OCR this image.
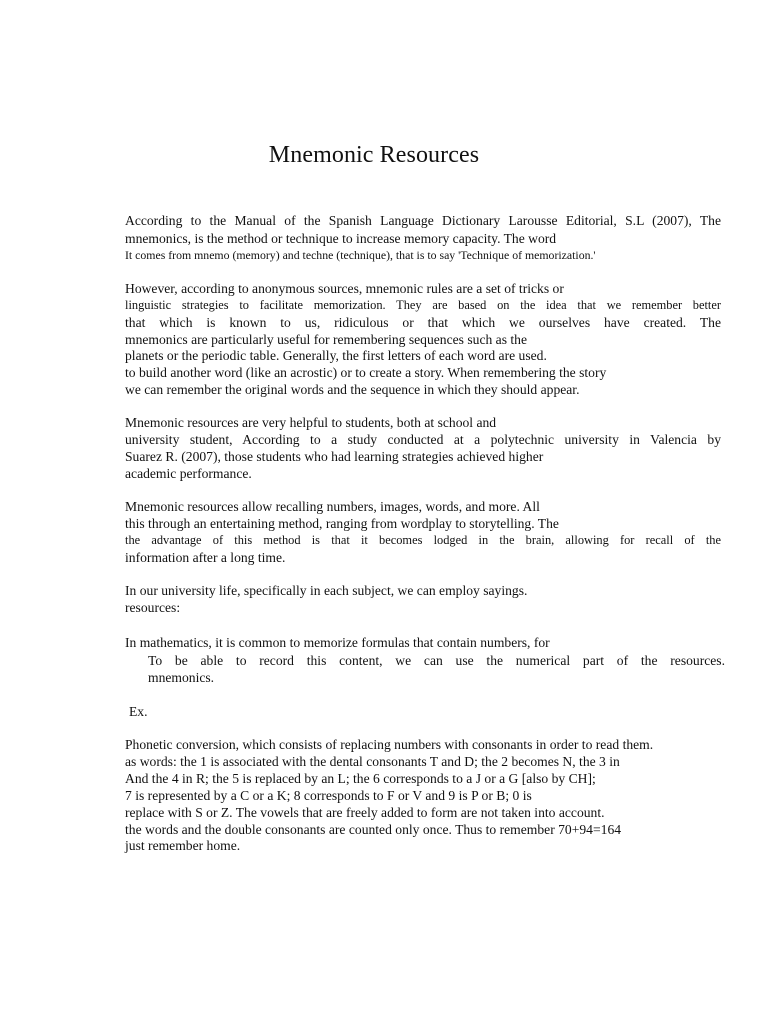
Mnemonic Resources
According to the Manual of the Spanish Language Dictionary Larousse Editorial, S.L (2007), The
mnemonics, is the method or technique to increase memory capacity. The word
It comes from mnemo (memory) and techne (technique), that is to say 'Technique of memorization.'
However, according to anonymous sources, mnemonic rules are a set of tricks or
linguistic strategies to facilitate memorization. They are based on the idea that we remember better
that which is known to us, ridiculous or that which we ourselves have created. The
mnemonics are particularly useful for remembering sequences such as the
planets or the periodic table. Generally, the first letters of each word are used.
to build another word (like an acrostic) or to create a story. When remembering the story
we can remember the original words and the sequence in which they should appear.
Mnemonic resources are very helpful to students, both at school and
university student, According to a study conducted at a polytechnic university in Valencia by
Suarez R. (2007), those students who had learning strategies achieved higher
academic performance.
Mnemonic resources allow recalling numbers, images, words, and more. All
this through an entertaining method, ranging from wordplay to storytelling. The
the advantage of this method is that it becomes lodged in the brain, allowing for recall of the
information after a long time.
In our university life, specifically in each subject, we can employ sayings.
resources:
In mathematics, it is common to memorize formulas that contain numbers, for
To be able to record this content, we can use the numerical part of the resources.
mnemonics.
Ex.
Phonetic conversion, which consists of replacing numbers with consonants in order to read them.
as words: the 1 is associated with the dental consonants T and D; the 2 becomes N, the 3 in
And the 4 in R; the 5 is replaced by an L; the 6 corresponds to a J or a G [also by CH];
7 is represented by a C or a K; 8 corresponds to F or V and 9 is P or B; 0 is
replace with S or Z. The vowels that are freely added to form are not taken into account.
the words and the double consonants are counted only once. Thus to remember 70+94=164
just remember home.
